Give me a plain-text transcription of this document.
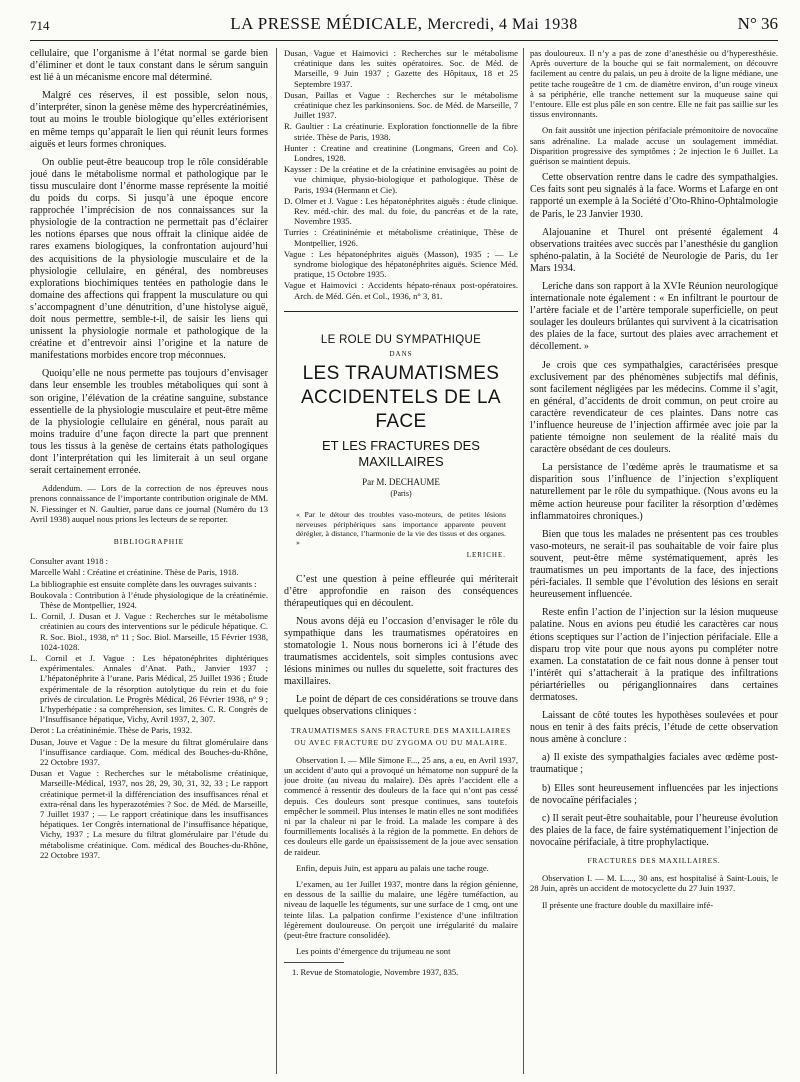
714	LA PRESSE MÉDICALE, Mercredi, 4 Mai 1938	N° 36

cellulaire, que l’organisme à l’état normal se garde bien d’éliminer et dont le taux constant dans le sérum sanguin est lié à un mécanisme encore mal déterminé.

Malgré ces réserves, il est possible, selon nous, d’interpréter, sinon la genèse même des hypercréatinémies, tout au moins le trouble biologique qu’elles extériorisent en même temps qu’apparaît le lien qui réunit leurs formes aiguës et leurs formes chroniques.

On oublie peut-être beaucoup trop le rôle considérable joué dans le métabolisme normal et pathologique par le tissu musculaire dont l’énorme masse représente la moitié du poids du corps. Si jusqu’à une époque encore rapprochée l’imprécision de nos connaissances sur la physiologie de la contraction ne permettait pas d’éclairer les notions éparses que nous offrait la clinique aidée de rares examens biologiques, la confrontation aujourd’hui des acquisitions de la physiologie musculaire et de la physiologie cellulaire, en général, des nombreuses explorations biochimiques tentées en pathologie dans le domaine des affections qui frappent la musculature ou qui s’accompagnent d’une dénutrition, d’une histolyse aiguë, doit nous permettre, semble-t-il, de saisir les liens qui unissent la physiologie normale et pathologique de la créatine et d’entrevoir ainsi l’origine et la nature de manifestations morbides encore trop méconnues.

Quoiqu’elle ne nous permette pas toujours d’envisager dans leur ensemble les troubles métaboliques qui sont à son origine, l’élévation de la créatine sanguine, substance essentielle de la physiologie musculaire et peut-être même de la physiologie cellulaire en général, nous paraît au moins traduire d’une façon directe la part que prennent tous les tissus à la genèse de certains états pathologiques dont l’interprétation qui les limiterait à un seul organe serait certainement erronée.

Addendum. — Lors de la correction de nos épreuves nous prenons connaissance de l’importante contribution originale de MM. N. Fiessinger et N. Gaultier, parue dans ce journal (Numéro du 13 Avril 1938) auquel nous prions les lecteurs de se reporter.

BIBLIOGRAPHIE

Consulter avant 1918 :

Marcelle Wahl : Créatine et créatinine. Thèse de Paris, 1918.

La bibliographie est ensuite complète dans les ouvrages suivants :

Boukovala : Contribution à l’étude physiologique de la créatinémie. Thèse de Montpellier, 1924.

L. Cornil, J. Dusan et J. Vague : Recherches sur le métabolisme créatinien au cours des interventions sur le pédicule hépatique. C. R. Soc. Biol., 1938, n° 11 ; Soc. Biol. Marseille, 15 Février 1938, 1024-1028.

L. Cornil et J. Vague : Les hépatonéphrites diphtériques expérimentales. Annales d’Anat. Path., Janvier 1937 ; L’hépatonéphrite à l’urane. Paris Médical, 25 Juillet 1936 ; Étude expérimentale de la résorption autolytique du rein et du foie privés de circulation. Le Progrès Médical, 26 Février 1938, n° 9 ; L’hyperhépatie : sa compréhension, ses limites. C. R. Congrès de l’Insuffisance hépatique, Vichy, Avril 1937, 2, 307.

Derot : La créatininémie. Thèse de Paris, 1932.

Dusan, Jouve et Vague : De la mesure du filtrat glomérulaire dans l’insuffisance cardiaque. Com. médical des Bouches-du-Rhône, 22 Octobre 1937.

Dusan et Vague : Recherches sur le métabolisme créatinique, Marseille-Médical, 1937, nos 28, 29, 30, 31, 32, 33 ; Le rapport créatinique permet-il la différenciation des insuffisances rénal et extra-rénal dans les hyperazotémies ? Soc. de Méd. de Marseille, 7 Juillet 1937 ; — Le rapport créatinique dans les insuffisances hépatiques. 1er Congrès international de l’insuffisance hépatique, Vichy, 1937 ; La mesure du filtrat glomérulaire par l’étude du métabolisme créatinique. Com. médical des Bouches-du-Rhône, 22 Octobre 1937.

Dusan, Vague et Haimovici : Recherches sur le métabolisme créatinique dans les suites opératoires. Soc. de Méd. de Marseille, 9 Juin 1937 ; Gazette des Hôpitaux, 18 et 25 Septembre 1937.

Dusan, Paillas et Vague : Recherches sur le métabolisme créatinique chez les parkinsoniens. Soc. de Méd. de Marseille, 7 Juillet 1937.

R. Gaultier : La créatinurie. Exploration fonctionnelle de la fibre striée. Thèse de Paris, 1938.

Hunter : Creatine and creatinine (Longmans, Green and Co). Londres, 1928.

Kaysser : De la créatine et de la créatinine envisagées au point de vue chimique, physio-biologique et pathologique. Thèse de Paris, 1934 (Hermann et Cie).

D. Olmer et J. Vague : Les hépatonéphrites aiguës : étude clinique. Rev. méd.-chir. des mal. du foie, du pancréas et de la rate, Novembre 1935.

Turries : Créatininémie et métabolisme créatinique, Thèse de Montpellier, 1926.

Vague : Les hépatonéphrites aiguës (Masson), 1935 ; — Le syndrome biologique des hépatonéphrites aiguës. Science Méd. pratique, 15 Octobre 1935.

Vague et Haimovici : Accidents hépato-rénaux post-opératoires. Arch. de Méd. Gén. et Col., 1936, n° 3, 81.

LE ROLE DU SYMPATHIQUE
DANS
LES TRAUMATISMES ACCIDENTELS DE LA FACE
ET LES FRACTURES DES MAXILLAIRES
Par M. DECHAUME
(Paris)
« Par le détour des troubles vaso-moteurs, de petites lésions nerveuses périphériques sans importance apparente peuvent dérégler, à distance, l’harmonie de la vie des tissus et des organes. »
LERICHE.

C’est une question à peine effleurée qui mériterait d’être approfondie en raison des conséquences thérapeutiques qui en découlent.

Nous avons déjà eu l’occasion d’envisager le rôle du sympathique dans les traumatismes opératoires en stomatologie 1. Nous nous bornerons ici à l’étude des traumatismes accidentels, soit simples contusions avec lésions minimes ou nulles du squelette, soit fractures des maxillaires.

Le point de départ de ces considérations se trouve dans quelques observations cliniques :

TRAUMATISMES SANS FRACTURE DES MAXILLAIRES OU AVEC FRACTURE DU ZYGOMA OU DU MALAIRE.

Observation I. — Mlle Simone F..., 25 ans, a eu, en Avril 1937, un accident d’auto qui a provoqué un hématome non suppuré de la joue droite (au niveau du malaire). Dès après l’accident elle a commencé à ressentir des douleurs de la face qui n’ont pas cessé depuis. Ces douleurs sont presque continues, sans toutefois empêcher le sommeil. Plus intenses le matin elles ne sont modifiées ni par la chaleur ni par le froid. La malade les compare à des fourmillements localisés à la région de la pommette. En dehors de ces douleurs elle garde un épaississement de la joue avec sensation de raideur.

Enfin, depuis Juin, est apparu au palais une tache rouge.

L’examen, au 1er Juillet 1937, montre dans la région génienne, en dessous de la saillie du malaire, une légère tuméfaction, au niveau de laquelle les téguments, sur une surface de 1 cmq, ont une teinte lilas. La palpation confirme l’existence d’une infiltration légèrement douloureuse. On perçoit une irrégularité du malaire (peut-être fracture consolidée).

Les points d’émergence du trijumeau ne sont

1. Revue de Stomatologie, Novembre 1937, 835.

pas douloureux. Il n’y a pas de zone d’anesthésie ou d’hyperesthésie. Après ouverture de la bouche qui se fait normalement, on découvre facilement au centre du palais, un peu à droite de la ligne médiane, une petite tache rougeâtre de 1 cm. de diamètre environ, d’un rouge vineux à sa périphérie, elle tranche nettement sur la muqueuse saine qui l’entoure. Elle est plus pâle en son centre. Elle ne fait pas saillie sur les tissus environnants.

On fait aussitôt une injection périfaciale prémonitoire de novocaïne sans adrénaline. La malade accuse un soulagement immédiat. Disparition progressive des symptômes ; 2e injection le 6 Juillet. La guérison se maintient depuis.

Cette observation rentre dans le cadre des sympathalgies. Ces faits sont peu signalés à la face. Worms et Lafarge en ont rapporté un exemple à la Société d’Oto-Rhino-Ophtalmologie de Paris, le 23 Janvier 1930.

Alajouanine et Thurel ont présenté également 4 observations traitées avec succès par l’anesthésie du ganglion sphéno-palatin, à la Société de Neurologie de Paris, du 1er Mars 1934.

Leriche dans son rapport à la XVIe Réunion neurologique internationale note également : « En infiltrant le pourtour de l’artère faciale et de l’artère temporale superficielle, on peut soulager les douleurs brûlantes qui survivent à la cicatrisation des plaies de la face, surtout des plaies avec arrachement et décollement. »

Je crois que ces sympathalgies, caractérisées presque exclusivement par des phénomènes subjectifs mal définis, sont facilement négligées par les médecins. Comme il s’agit, en général, d’accidents de droit commun, on peut croire au caractère revendicateur de ces plaintes. Dans notre cas l’influence heureuse de l’injection affirmée avec joie par la patiente témoigne non seulement de la réalité mais du caractère obsédant de ces douleurs.

La persistance de l’œdème après le traumatisme et sa disparition sous l’influence de l’injection s’expliquent naturellement par le rôle du sympathique. (Nous avons eu la même action heureuse pour faciliter la résorption d’œdèmes inflammatoires chroniques.)

Bien que tous les malades ne présentent pas ces troubles vaso-moteurs, ne serait-il pas souhaitable de voir faire plus souvent, peut-être même systématiquement, après les traumatismes un peu importants de la face, des injections péri-faciales. Il semble que l’évolution des lésions en serait heureusement influencée.

Reste enfin l’action de l’injection sur la lésion muqueuse palatine. Nous en avions peu étudié les caractères car nous étions sceptiques sur l’action de l’injection périfaciale. Elle a disparu trop vite pour que nous ayons pu compléter notre examen. La constatation de ce fait nous donne à penser tout l’intérêt qui s’attacherait à la pratique des infiltrations périartérielles ou périganglionnaires dans certaines dermatoses.

Laissant de côté toutes les hypothèses soulevées et pour nous en tenir à des faits précis, l’étude de cette observation nous amène à conclure :

a) Il existe des sympathalgies faciales avec œdème post-traumatique ;

b) Elles sont heureusement influencées par les injections de novocaïne périfaciales ;

c) Il serait peut-être souhaitable, pour l’heureuse évolution des plaies de la face, de faire systématiquement l’injection de novocaïne périfaciale, à titre prophylactique.

FRACTURES DES MAXILLAIRES.

Observation I. — M. L...., 30 ans, est hospitalisé à Saint-Louis, le 28 Juin, après un accident de motocyclette du 27 Juin 1937.

Il présente une fracture double du maxillaire infé-
